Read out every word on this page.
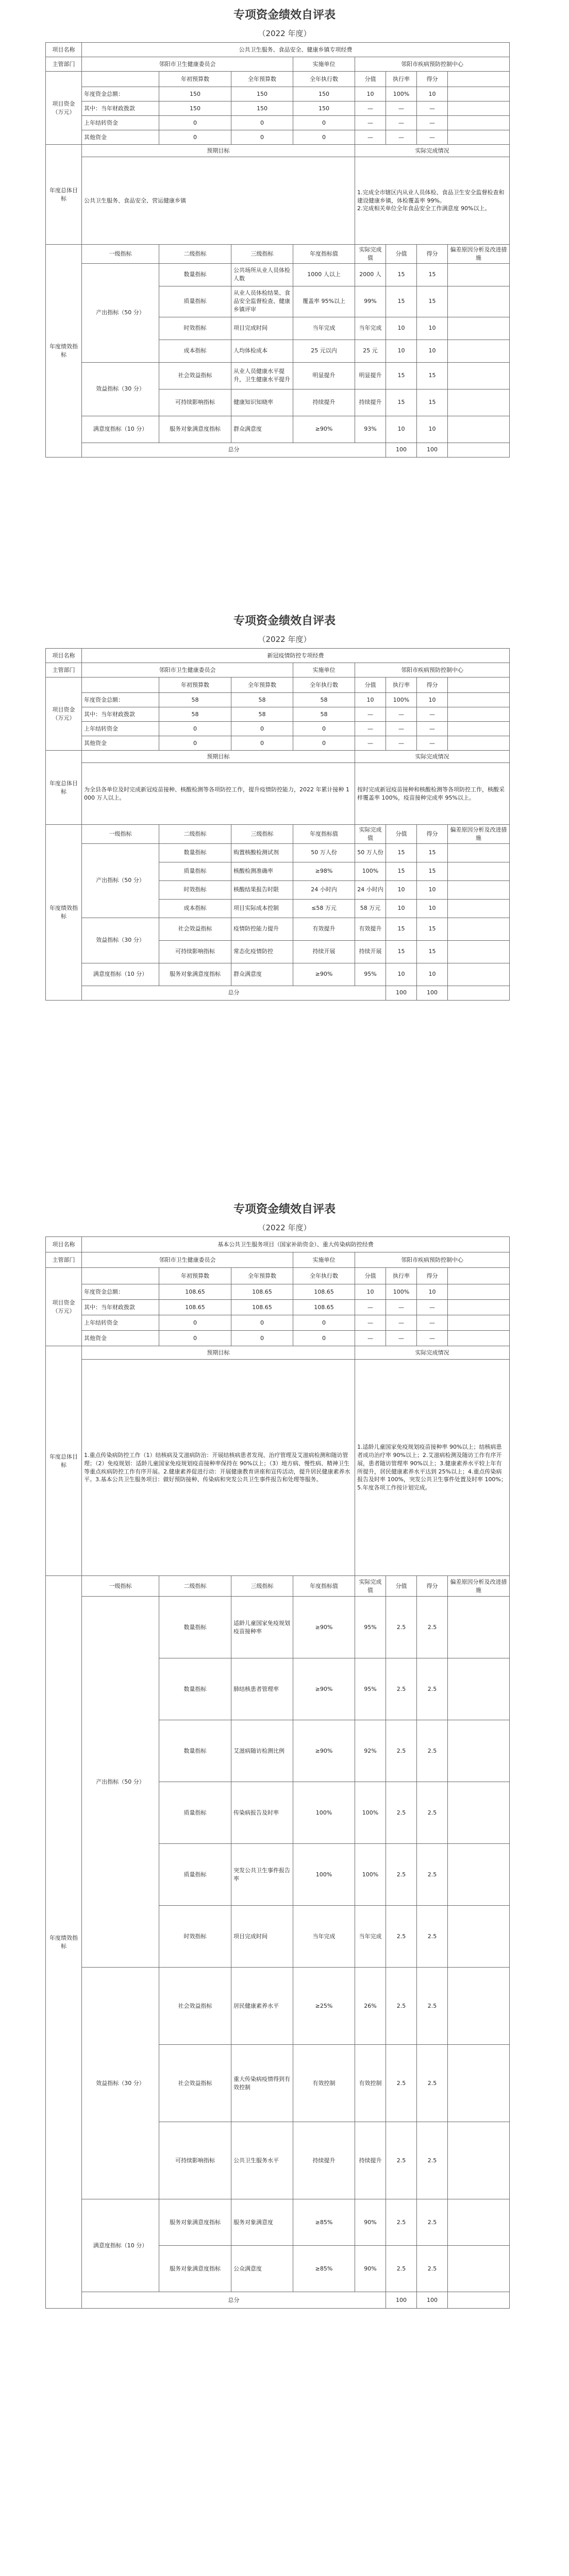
专项资金绩效自评表
（2022 年度）
项目名称	公共卫生服务、食品安全、健康乡镇专项经费							
主管部门	邻阳市卫生健康委员会			实施单位	邻阳市疾病预防控制中心			
项目资金
（万元）		年初预算数	全年预算数	全年执行数	分值	执行率	得分	
	年度资金总额：	150	150	150	10	100%	10	
	其中：当年财政拨款	150	150	150	—	—	—	
	上年结转资金	0	0	0	—	—	—	
	其他资金	0	0	0	—	—	—	
年度总体目标	预期目标				实际完成情况			
	公共卫生服务、食品安全、营运健康乡镇				1.完成全市辖区内从业人员体检、食品卫生安全监督检查和建设健康乡镇，体检覆盖率 99%。
2.完成相关单位全年食品安全工作满意度 90%以上。			
年度绩效指标	一级指标	二级指标	三级指标	年度指标值	实际完成值	分值	得分	偏差原因分析及改进措施
	产出指标（50 分）	数量指标	公共场所从业人员体检人数	1000 人以上	2000 人	15	15	
		质量指标	从业人员体检结果、食品安全监督检查、健康乡镇评审	覆盖率 95%以上	99%	15	15	
		时效指标	项目完成时间	当年完成	当年完成	10	10	
		成本指标	人均体检成本	25 元以内	25 元	10	10	
	效益指标（30 分）	社会效益指标	从业人员健康水平提升，卫生健康水平提升	明显提升	明显提升	15	15	
		可持续影响指标	健康知识知晓率	持续提升	持续提升	15	15	
	满意度指标（10 分）	服务对象满意度指标	群众满意度	≥90%	93%	10	10	
	总分					100	100	
专项资金绩效自评表
（2022 年度）
项目名称	新冠疫情防控专项经费							
主管部门	邻阳市卫生健康委员会			实施单位	邻阳市疾病预防控制中心			
项目资金
（万元）		年初预算数	全年预算数	全年执行数	分值	执行率	得分	
	年度资金总额：	58	58	58	10	100%	10	
	其中：当年财政拨款	58	58	58	—	—	—	
	上年结转资金	0	0	0	—	—	—	
	其他资金	0	0	0	—	—	—	
年度总体目标	预期目标				实际完成情况			
	为全县各单位及时完成新冠疫苗接种、核酸检测等各项防控工作，提升疫情防控能力，2022 年累计接种 1000 万人以上。				按时完成新冠疫苗接种和核酸检测等各项防控工作，核酸采样覆盖率 100%，疫苗接种完成率 95%以上。			
年度绩效指标	一级指标	二级指标	三级指标	年度指标值	实际完成值	分值	得分	偏差原因分析及改进措施
	产出指标（50 分）	数量指标	购置核酸检测试剂	50 万人份	50 万人份	15	15	
		质量指标	核酸检测准确率	≥98%	100%	15	15	
		时效指标	核酸结果报告时限	24 小时内	24 小时内	10	10	
		成本指标	项目实际成本控制	≤58 万元	58 万元	10	10	
	效益指标（30 分）	社会效益指标	疫情防控能力提升	有效提升	有效提升	15	15	
		可持续影响指标	常态化疫情防控	持续开展	持续开展	15	15	
	满意度指标（10 分）	服务对象满意度指标	群众满意度	≥90%	95%	10	10	
	总分					100	100	
专项资金绩效自评表
（2022 年度）
项目名称	基本公共卫生服务项目（国家补助资金）、重大传染病防控经费							
主管部门	邻阳市卫生健康委员会			实施单位	邻阳市疾病预防控制中心			
项目资金
（万元）		年初预算数	全年预算数	全年执行数	分值	执行率	得分	
	年度资金总额：	108.65	108.65	108.65	10	100%	10	
	其中：当年财政拨款	108.65	108.65	108.65	—	—	—	
	上年结转资金	0	0	0	—	—	—	
	其他资金	0	0	0	—	—	—	
年度总体目标	预期目标				实际完成情况			
	1.重点传染病防控工作（1）结核病及艾滋病防治：开展结核病患者发现、治疗管理及艾滋病检测和随访管理；（2）免疫规划：适龄儿童国家免疫规划疫苗接种率保持在 90%以上；（3）地方病、慢性病、精神卫生等重点疾病防控工作有序开展。2.健康素养促进行动：开展健康教育讲座和宣传活动，提升居民健康素养水平。3.基本公共卫生服务项目：做好预防接种、传染病和突发公共卫生事件报告和处理等服务。				1.适龄儿童国家免疫规划疫苗接种率 90%以上；结核病患者成功治疗率 90%以上；2.艾滋病检测及随访工作有序开展，患者随访管理率 90%以上；3.健康素养水平较上年有所提升，居民健康素养水平达到 25%以上；4.重点传染病报告及时率 100%，突发公共卫生事件处置及时率 100%；5.年度各项工作按计划完成。			
年度绩效指标	一级指标	二级指标	三级指标	年度指标值	实际完成值	分值	得分	偏差原因分析及改进措施
	产出指标（50 分）	数量指标	适龄儿童国家免疫规划疫苗接种率	≥90%	95%	2.5	2.5	
		数量指标	肺结核患者管理率	≥90%	95%	2.5	2.5	
		数量指标	艾滋病随访检测比例	≥90%	92%	2.5	2.5	
		质量指标	传染病报告及时率	100%	100%	2.5	2.5	
		质量指标	突发公共卫生事件报告率	100%	100%	2.5	2.5	
		时效指标	项目完成时间	当年完成	当年完成	2.5	2.5	
	效益指标（30 分）	社会效益指标	居民健康素养水平	≥25%	26%	2.5	2.5	
		社会效益指标	重大传染病疫情得到有效控制	有效控制	有效控制	2.5	2.5	
		可持续影响指标	公共卫生服务水平	持续提升	持续提升	2.5	2.5	
	满意度指标（10 分）	服务对象满意度指标	服务对象满意度	≥85%	90%	2.5	2.5	
		服务对象满意度指标	公众满意度	≥85%	90%	2.5	2.5	
	总分					100	100	
